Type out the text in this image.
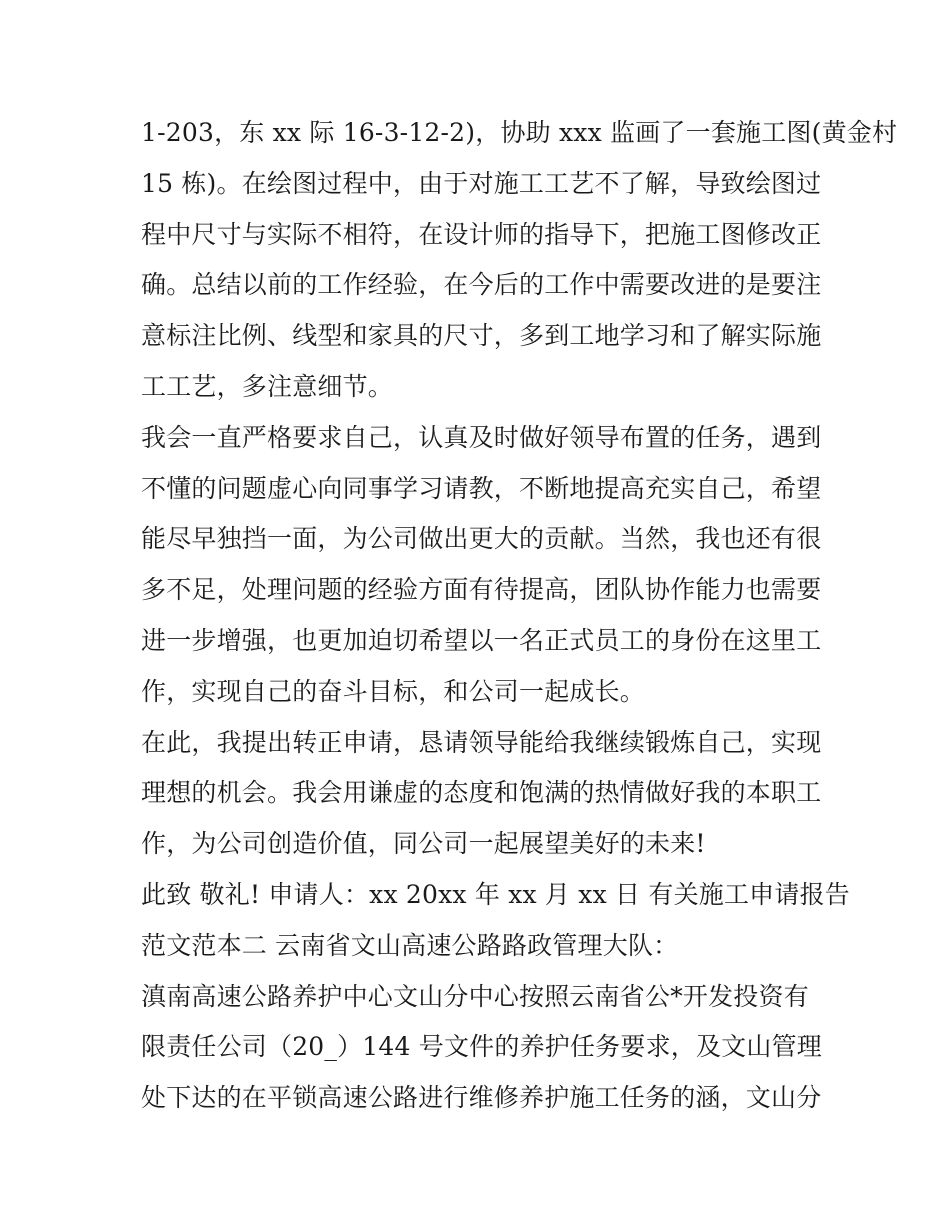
1-203，东 xx 际 16-3-12-2)，协助 xxx 监画了一套施工图(黄金村
15 栋)。在绘图过程中，由于对施工工艺不了解，导致绘图过
程中尺寸与实际不相符，在设计师的指导下，把施工图修改正
确。总结以前的工作经验，在今后的工作中需要改进的是要注
意标注比例、线型和家具的尺寸，多到工地学习和了解实际施
工工艺，多注意细节。
我会一直严格要求自己，认真及时做好领导布置的任务，遇到
不懂的问题虚心向同事学习请教，不断地提高充实自己，希望
能尽早独挡一面，为公司做出更大的贡献。当然，我也还有很
多不足，处理问题的经验方面有待提高，团队协作能力也需要
进一步增强，也更加迫切希望以一名正式员工的身份在这里工
作，实现自己的奋斗目标，和公司一起成长。
在此，我提出转正申请，恳请领导能给我继续锻炼自己，实现
理想的机会。我会用谦虚的态度和饱满的热情做好我的本职工
作，为公司创造价值，同公司一起展望美好的未来!
此致 敬礼! 申请人：xx 20xx 年 xx 月 xx 日 有关施工申请报告
范文范本二 云南省文山高速公路路政管理大队：
滇南高速公路养护中心文山分中心按照云南省公*开发投资有
限责任公司（20_）144 号文件的养护任务要求，及文山管理
处下达的在平锁高速公路进行维修养护施工任务的涵，文山分
